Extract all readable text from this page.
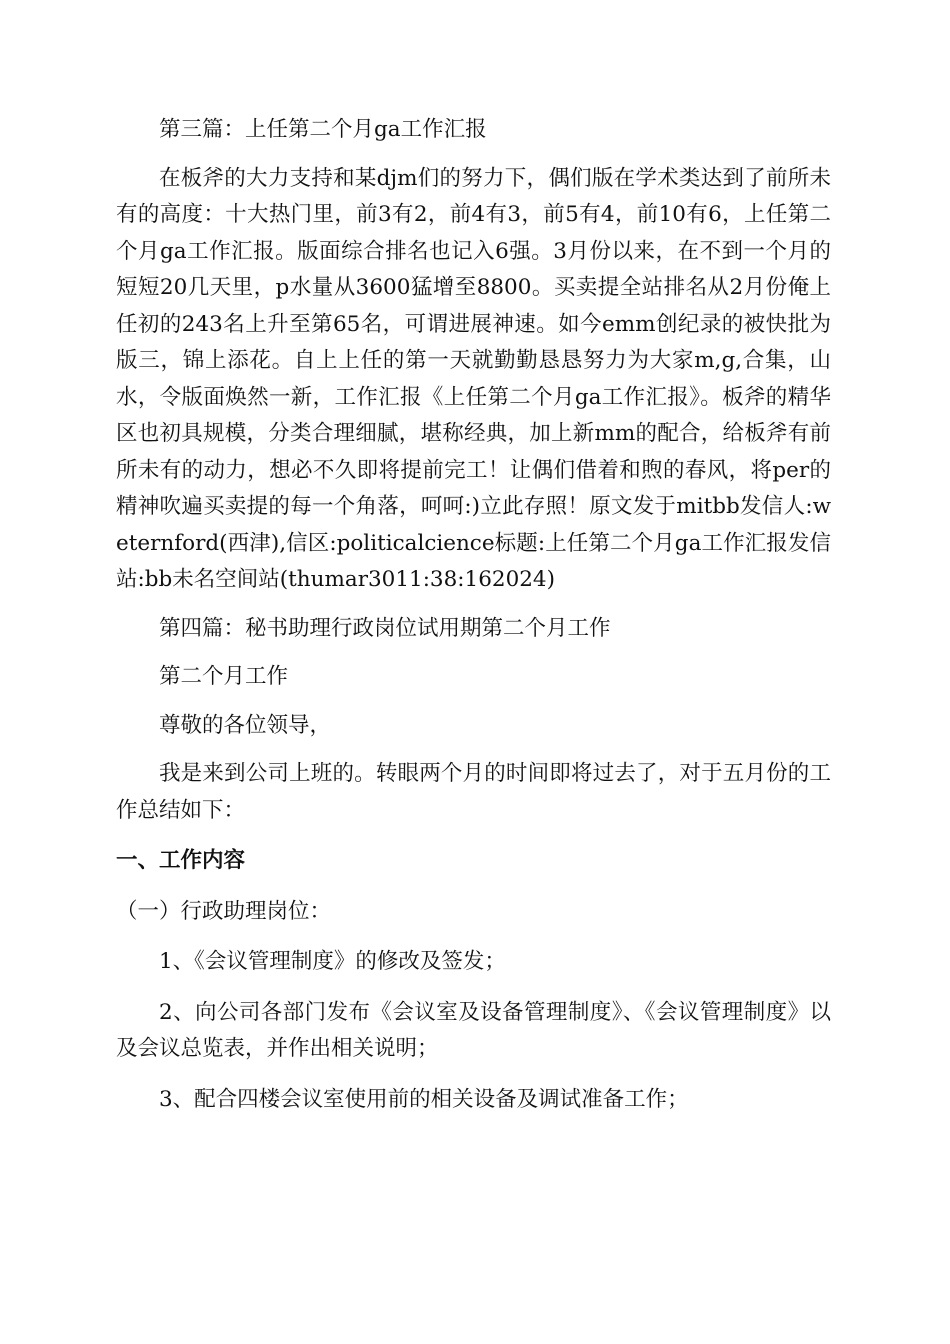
第三篇：上任第二个月ga工作汇报

在板斧的大力支持和某djm们的努力下，偶们版在学术类达到了前所未有的高度：十大热门里，前3有2，前4有3，前5有4，前10有6，上任第二个月ga工作汇报。版面综合排名也记入6强。3月份以来，在不到一个月的短短20几天里，p水量从3600猛增至8800。买卖提全站排名从2月份俺上任初的243名上升至第65名，可谓进展神速。如今emm创纪录的被快批为版三，锦上添花。自上上任的第一天就勤勤恳恳努力为大家m,g,合集，山水，令版面焕然一新，工作汇报《上任第二个月ga工作汇报》。板斧的精华区也初具规模，分类合理细腻，堪称经典，加上新mm的配合，给板斧有前所未有的动力，想必不久即将提前完工！让偶们借着和煦的春风，将per的精神吹遍买卖提的每一个角落，呵呵:)立此存照！原文发于mitbb发信人:weternford(西津),信区:politicalcience标题:上任第二个月ga工作汇报发信站:bb未名空间站(thumar3011:38:162024)

第四篇：秘书助理行政岗位试用期第二个月工作

第二个月工作

尊敬的各位领导，

我是来到公司上班的。转眼两个月的时间即将过去了，对于五月份的工作总结如下：

一、工作内容

（一）行政助理岗位：

1、《会议管理制度》的修改及签发；

2、向公司各部门发布《会议室及设备管理制度》、《会议管理制度》以及会议总览表，并作出相关说明；

3、配合四楼会议室使用前的相关设备及调试准备工作；
